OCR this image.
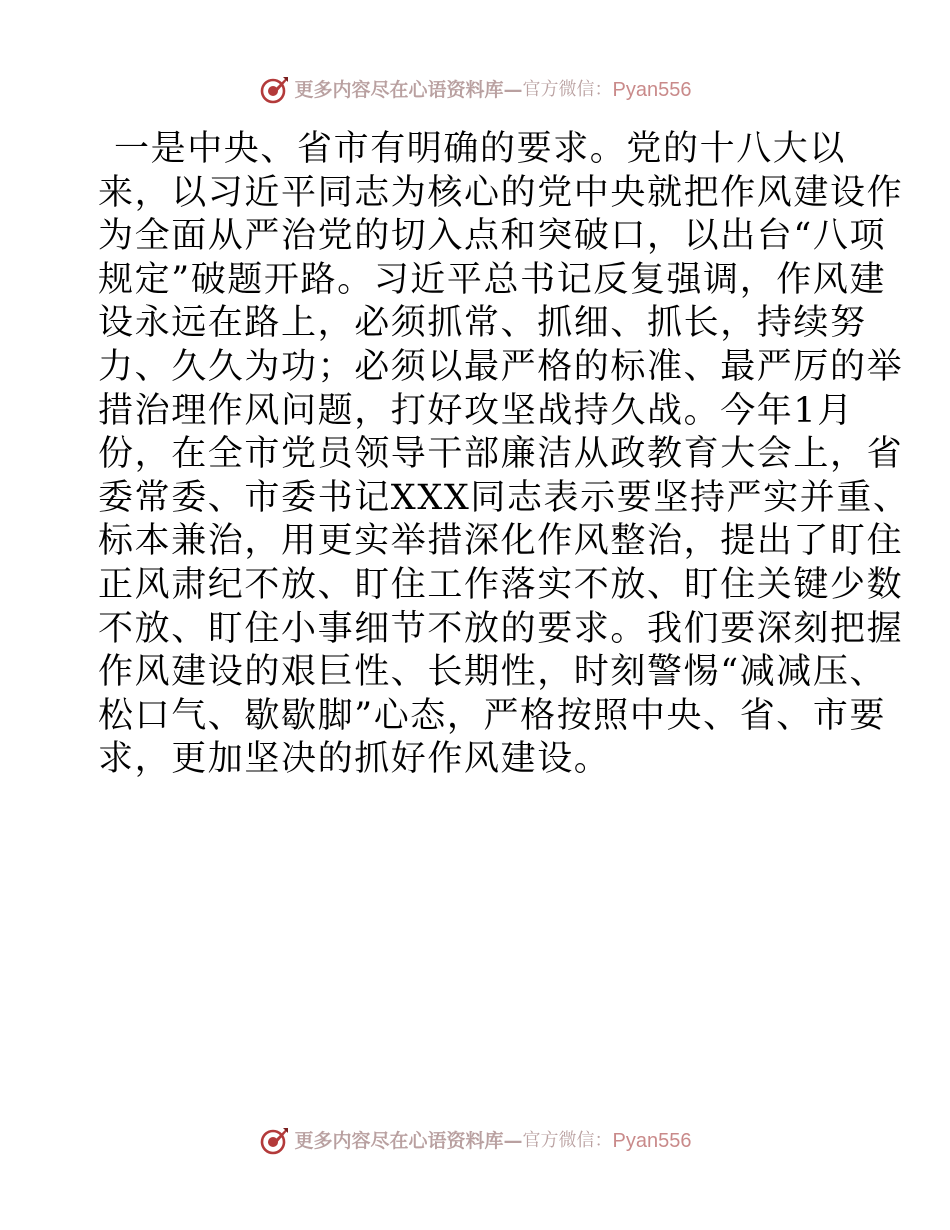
更多内容尽在心语资料库 — 官方微信： Pyan556
一是中央、省市有明确的要求。党的十八大以
来，以习近平同志为核心的党中央就把作风建设作
为全面从严治党的切入点和突破口，以出台“八项
规定”破题开路。习近平总书记反复强调，作风建
设永远在路上，必须抓常、抓细、抓长，持续努
力、久久为功；必须以最严格的标准、最严厉的举
措治理作风问题，打好攻坚战持久战。今年1月
份，在全市党员领导干部廉洁从政教育大会上，省
委常委、市委书记XXX同志表示要坚持严实并重、
标本兼治，用更实举措深化作风整治，提出了盯住
正风肃纪不放、盯住工作落实不放、盯住关键少数
不放、盯住小事细节不放的要求。我们要深刻把握
作风建设的艰巨性、长期性，时刻警惕“减减压、
松口气、歇歇脚”心态，严格按照中央、省、市要
求，更加坚决的抓好作风建设。
更多内容尽在心语资料库 — 官方微信： Pyan556
